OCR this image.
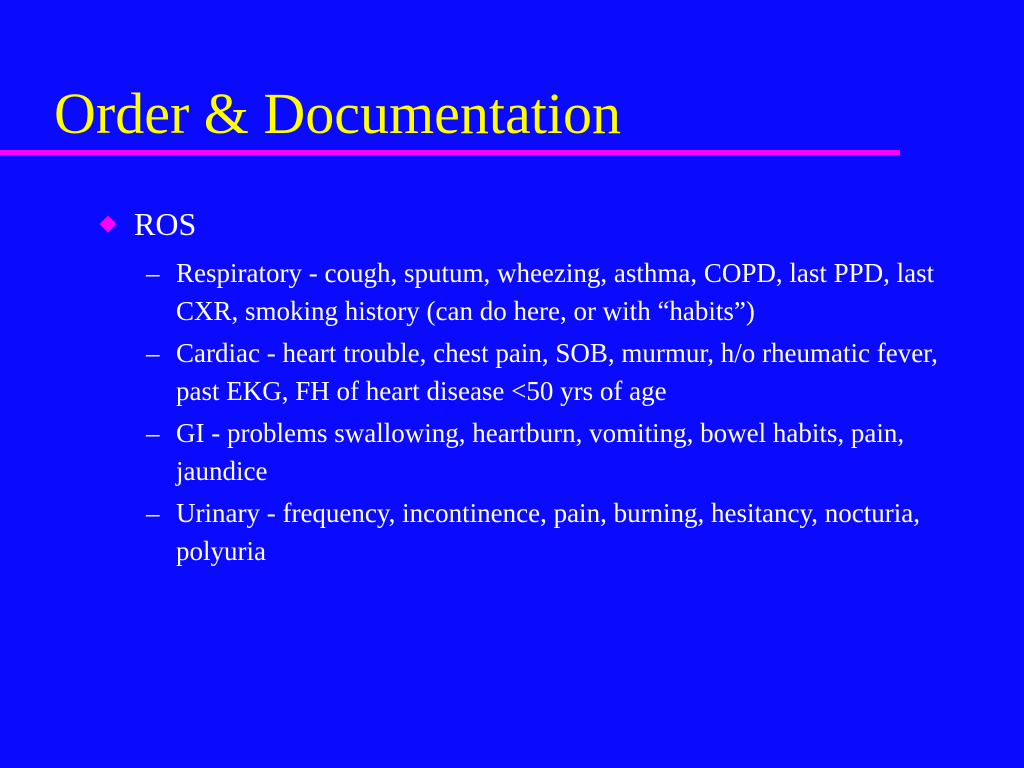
Order & Documentation
ROS
– Respiratory - cough, sputum, wheezing, asthma, COPD, last PPD, last CXR, smoking history (can do here, or with “habits”)
– Cardiac - heart trouble, chest pain, SOB, murmur, h/o rheumatic fever, past EKG, FH of heart disease <50 yrs of age
– GI - problems swallowing, heartburn, vomiting, bowel habits, pain, jaundice
– Urinary - frequency, incontinence, pain, burning, hesitancy, nocturia, polyuria
